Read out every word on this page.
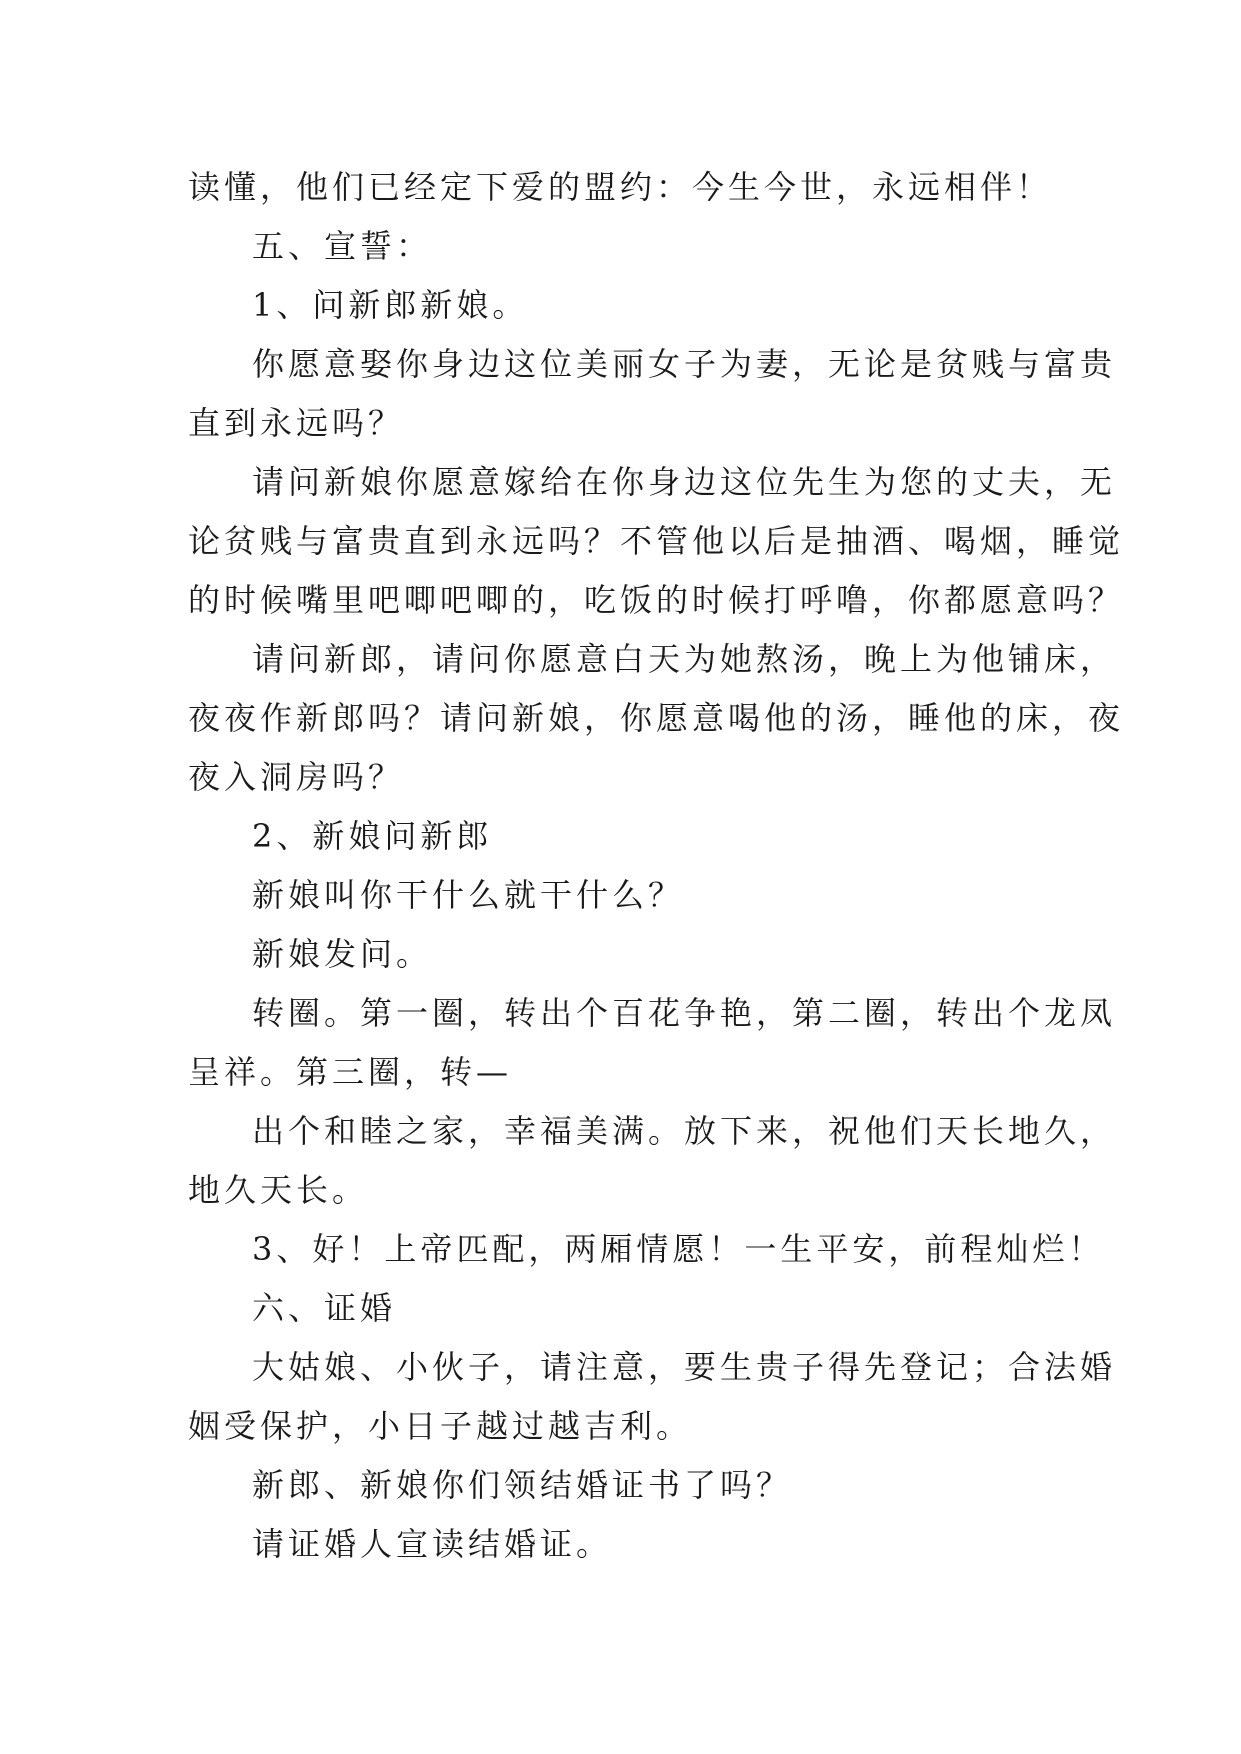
读懂，他们已经定下爱的盟约：今生今世，永远相伴！

五、宣誓：

1、问新郎新娘。

你愿意娶你身边这位美丽女子为妻，无论是贫贱与富贵

直到永远吗？

请问新娘你愿意嫁给在你身边这位先生为您的丈夫，无

论贫贱与富贵直到永远吗？不管他以后是抽酒、喝烟，睡觉

的时候嘴里吧唧吧唧的，吃饭的时候打呼噜，你都愿意吗？

请问新郎，请问你愿意白天为她熬汤，晚上为他铺床，

夜夜作新郎吗？请问新娘，你愿意喝他的汤，睡他的床，夜

夜入洞房吗？

2、新娘问新郎

新娘叫你干什么就干什么？

新娘发问。

转圈。第一圈，转出个百花争艳，第二圈，转出个龙凤

呈祥。第三圈，转—

出个和睦之家，幸福美满。放下来，祝他们天长地久，

地久天长。

3、好！上帝匹配，两厢情愿！一生平安，前程灿烂！

六、证婚

大姑娘、小伙子，请注意，要生贵子得先登记；合法婚

姻受保护，小日子越过越吉利。

新郎、新娘你们领结婚证书了吗？

请证婚人宣读结婚证。
